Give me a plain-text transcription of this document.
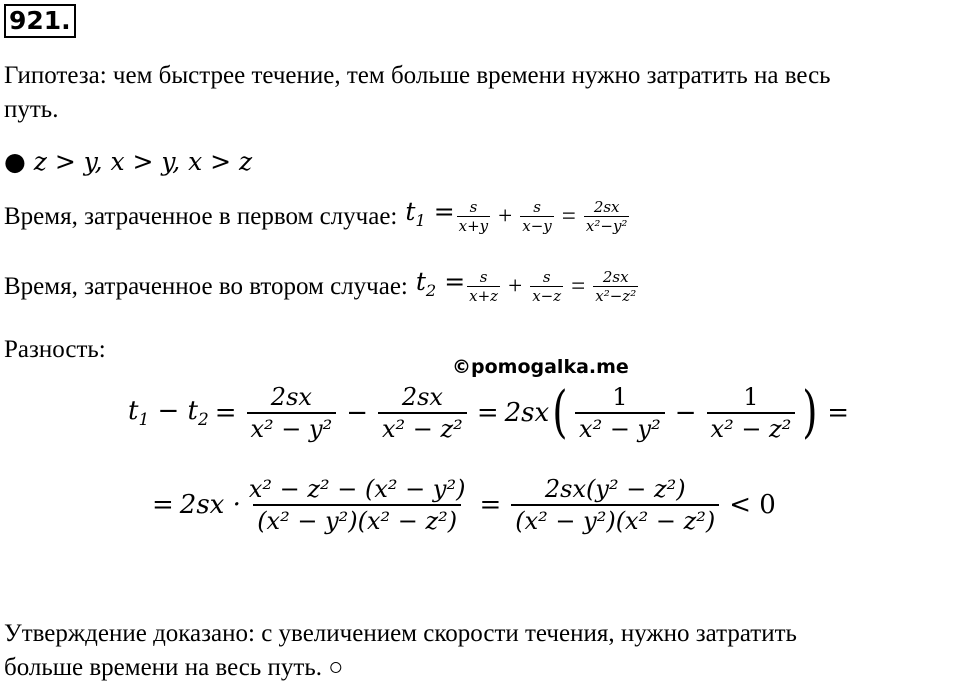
921.
Гипотеза: чем быстрее течение, тем больше времени нужно затратить на весь
путь.
● z > y, x > y, x > z
Время, затраченное в первом случае: $t_1 = \frac{s}{x+y} + \frac{s}{x-y} = \frac{2sx}{\text{x²−y²}}$
Время, затраченное во втором случае: $t_2 = \frac{s}{x+z} + \frac{s}{x-z} = \frac{2sx}{\text{x²−z²}}$
Разность:
©pomogalka.me
$t_1 - t_2 = \frac{2sx}{\text{x² − y²}} - \frac{2sx}{\text{x² − z²}} = 2sx$ ( 1
x² − y²
− $\frac{1}{\text{x² − z²}}$ ) =
= $2sx \cdot \frac{\text{x² − z² − (x² − y²)}}{\text{(x² − y²)(x² − z²)}} = \frac{\text{2sx(y² − z²)}}{\text{(x² − y²)(x² − z²)}} < 0$
Утверждение доказано: с увеличением скорости течения, нужно затратить
больше времени на весь путь. ○
